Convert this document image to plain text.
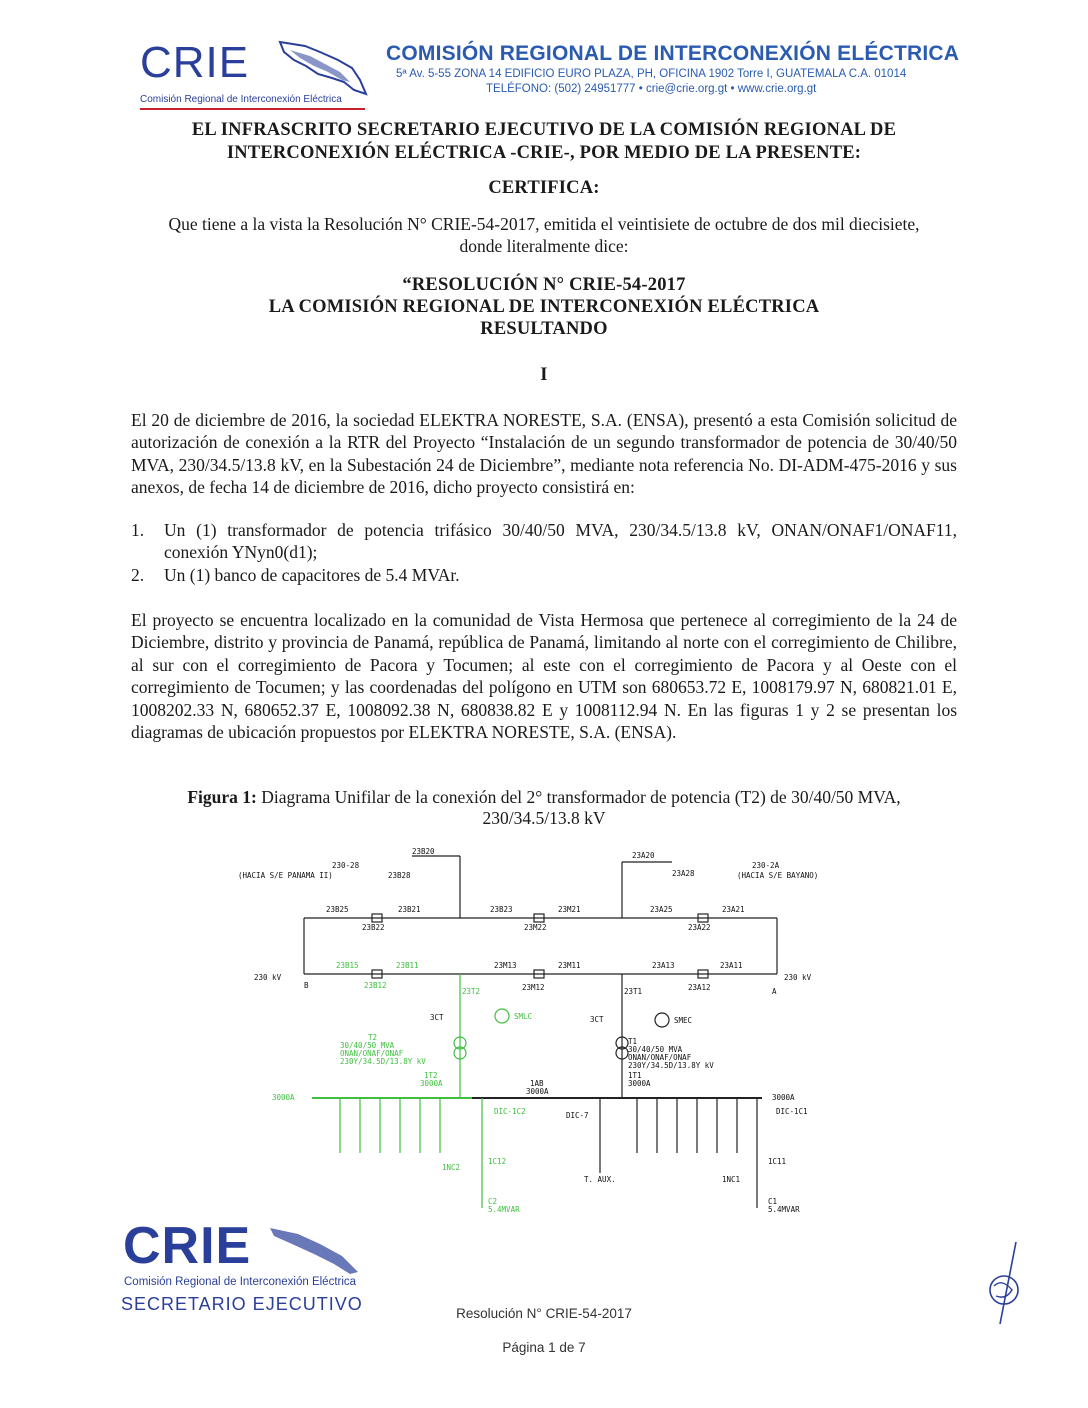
CRIE
Comisión Regional de Interconexión Eléctrica
COMISIÓN REGIONAL DE INTERCONEXIÓN ELÉCTRICA
5ª Av. 5-55 ZONA 14 EDIFICIO EURO PLAZA, PH, OFICINA 1902 Torre I, GUATEMALA C.A. 01014
TELÉFONO: (502) 24951777 • crie@crie.org.gt • www.crie.org.gt
EL INFRASCRITO SECRETARIO EJECUTIVO DE LA COMISIÓN REGIONAL DE
INTERCONEXIÓN ELÉCTRICA -CRIE-, POR MEDIO DE LA PRESENTE:
CERTIFICA:
Que tiene a la vista la Resolución N° CRIE-54-2017, emitida el veintisiete de octubre de dos mil diecisiete,
donde literalmente dice:
“RESOLUCIÓN N° CRIE-54-2017
LA COMISIÓN REGIONAL DE INTERCONEXIÓN ELÉCTRICA
RESULTANDO
I

El 20 de diciembre de 2016, la sociedad ELEKTRA NORESTE, S.A. (ENSA), presentó a esta Comisión solicitud de autorización de conexión a la RTR del Proyecto “Instalación de un segundo transformador de potencia de 30/40/50 MVA, 230/34.5/13.8 kV, en la Subestación 24 de Diciembre”, mediante nota referencia No. DI-ADM-475-2016 y sus anexos, de fecha 14 de diciembre de 2016, dicho proyecto consistirá en:

1. Un (1) transformador de potencia trifásico 30/40/50 MVA, 230/34.5/13.8 kV, ONAN/ONAF1/ONAF11, conexión YNyn0(d1);
2. Un (1) banco de capacitores de 5.4 MVAr.

El proyecto se encuentra localizado en la comunidad de Vista Hermosa que pertenece al corregimiento de la 24 de Diciembre, distrito y provincia de Panamá, república de Panamá, limitando al norte con el corregimiento de Chilibre, al sur con el corregimiento de Pacora y Tocumen; al este con el corregimiento de Pacora y al Oeste con el corregimiento de Tocumen; y las coordenadas del polígono en UTM son 680653.72 E, 1008179.97 N, 680821.01 E, 1008202.33 N, 680652.37 E, 1008092.38 N, 680838.82 E y 1008112.94 N. En las figuras 1 y 2 se presentan los diagramas de ubicación propuestos por ELEKTRA NORESTE, S.A. (ENSA).

Figura 1: Diagrama Unifilar de la conexión del 2° transformador de potencia (T2) de 30/40/50 MVA,
230/34.5/13.8 kV
230-28
(HACIA S/E PANAMA II)
23B20
23B28
23A20
23A28
230-2A
(HACIA S/E BAYANO)
23B25	23B21	23B23	23M21	23A25	23A21
23B22	23M22	23A22
230 kV	230 kV
B
A
23B15	23B11	23M13	23M11	23A13	23A11
23B12	23M12	23A12
23T2	23T1
3CT	3CT
SMLC	SMEC
T2
30/40/50 MVA
ONAN/ONAF/ONAF
230Y/34.5D/13.8Y kV
1T2
3000A
3000A
DIC-1C2
1C12
1NC2
C2
5.4MVAR
T1
30/40/50 MVA
ONAN/ONAF/ONAF
230Y/34.5D/13.8Y kV
1T1
3000A
1AB
3000A
3000A
DIC-1C1
DIC-7
T. AUX.
1C11
1NC1
C1
5.4MVAR
CRIE
Comisión Regional de Interconexión Eléctrica
SECRETARIO EJECUTIVO	Resolución N° CRIE-54-2017
Página 1 de 7
